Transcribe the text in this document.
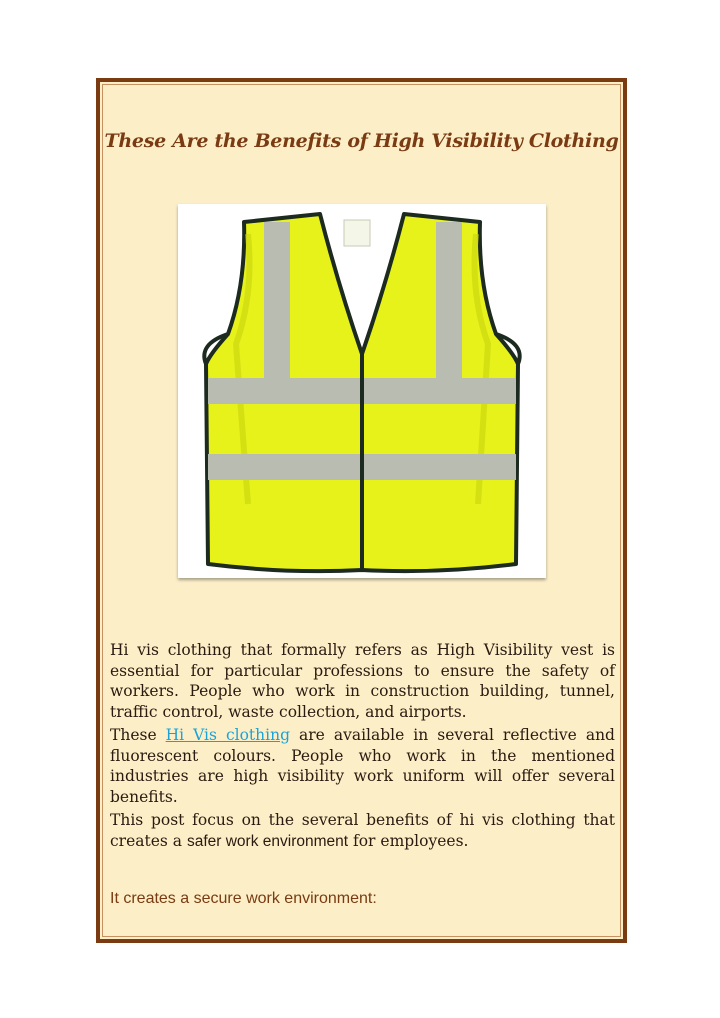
These Are the Benefits of High Visibility Clothing

Hi vis clothing that formally refers as High Visibility vest is essential for particular professions to ensure the safety of workers. People who work in construction building, tunnel, traffic control, waste collection, and airports.

These Hi Vis clothing are available in several reflective and fluorescent colours. People who work in the mentioned industries are high visibility work uniform will offer several benefits.

This post focus on the several benefits of hi vis clothing that creates a safer work environment for employees.

It creates a secure work environment:
